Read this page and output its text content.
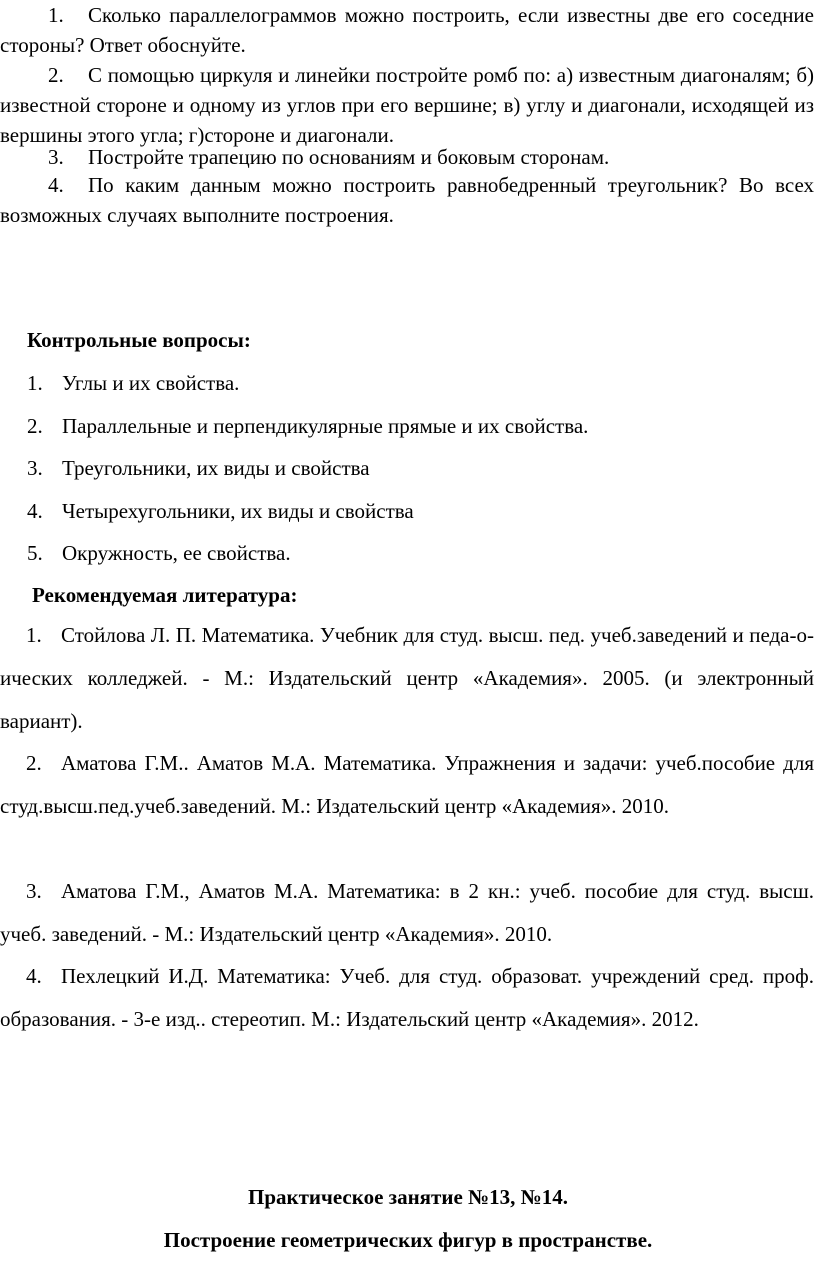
1. Сколько параллелограммов можно построить, если известны две его соседние стороны? Ответ обоснуйте.
2. С помощью циркуля и линейки постройте ромб по: а) известным диагоналям; б) известной стороне и одному из углов при его вершине; в) углу и диагонали, исходящей из вершины этого угла; г)стороне и диагонали.
3. Постройте трапецию по основаниям и боковым сторонам.
4. По каким данным можно построить равнобедренный треугольник? Во всех возможных случаях выполните построения.
Контрольные вопросы:
1. Углы и их свойства.
2. Параллельные и перпендикулярные прямые и их свойства.
3. Треугольники, их виды и свойства
4. Четырехугольники, их виды и свойства
5. Окружность, ее свойства.
Рекомендуемая литература:
1. Стойлова Л. П. Математика. Учебник для студ. высш. пед. учеб.заведений и педа-о-ических колледжей. - М.: Издательский центр «Академия». 2005. (и электронный вариант).
2. Аматова Г.М.. Аматов М.А. Математика. Упражнения и задачи: учеб.пособие для студ.высш.пед.учеб.заведений. М.: Издательский центр «Академия». 2010.
3. Аматова Г.М., Аматов М.А. Математика: в 2 кн.: учеб. пособие для студ. высш. учеб. заведений. - М.: Издательский центр «Академия». 2010.
4. Пехлецкий И.Д. Математика: Учеб. для студ. образоват. учреждений сред. проф. образования. - 3-е изд.. стереотип. М.: Издательский центр «Академия». 2012.
Практическое занятие №13, №14.
Построение геометрических фигур в пространстве.
